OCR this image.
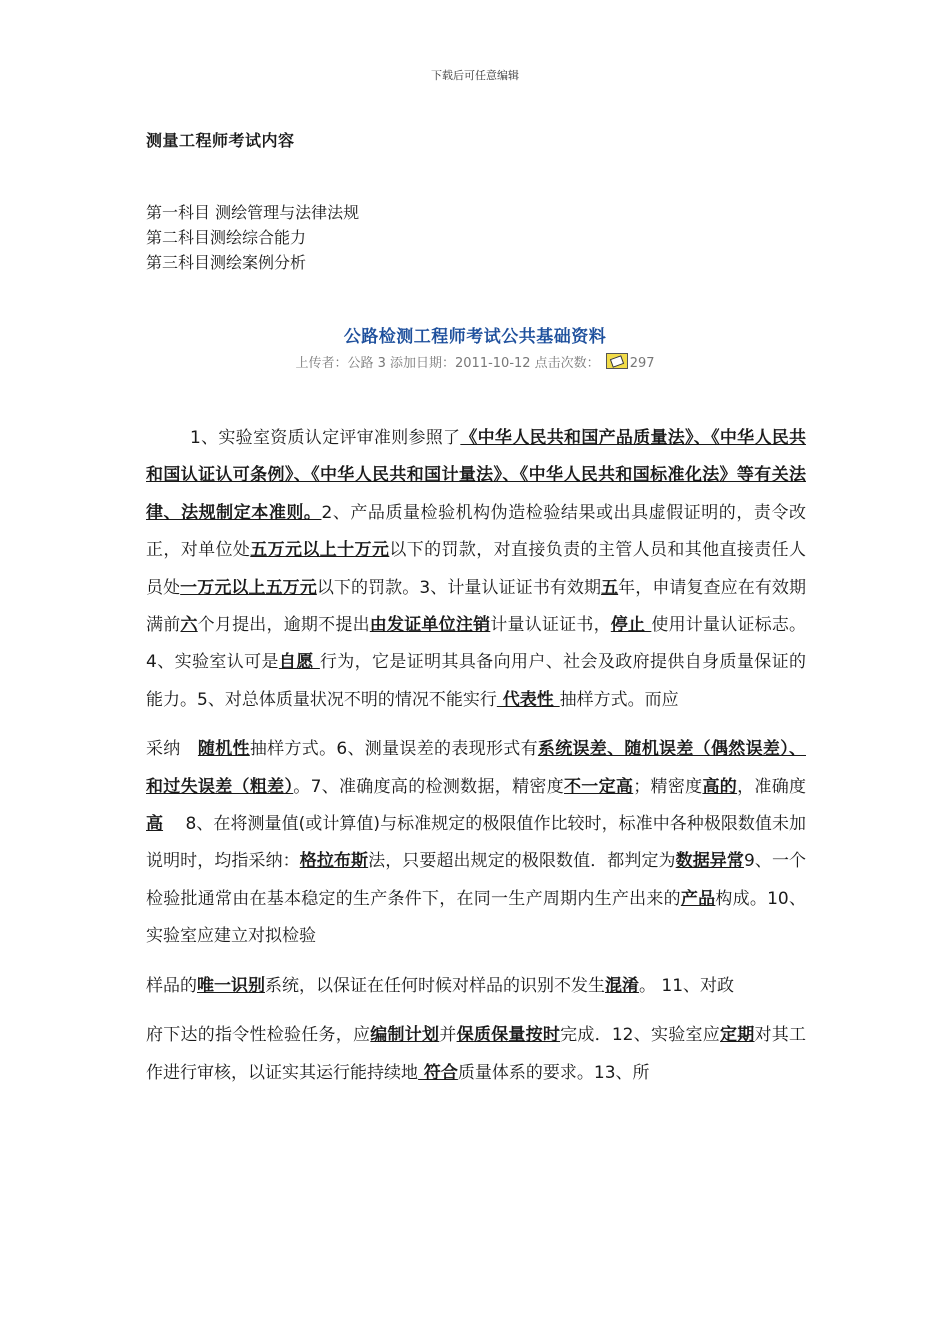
下载后可任意编辑
测量工程师考试内容
第一科目 测绘管理与法律法规
第二科目测绘综合能力
第三科目测绘案例分析
公路检测工程师考试公共基础资料
上传者：公路 3 添加日期：2011-10-12 点击次数： 297

1、实验室资质认定评审准则参照了《中华人民共和国产品质量法》、《中华人民共和国认证认可条例》、《中华人民共和国计量法》、《中华人民共和国标准化法》等有关法律、法规制定本准则。2、产品质量检验机构伪造检验结果或出具虚假证明的，责令改正，对单位处五万元以上十万元以下的罚款，对直接负责的主管人员和其他直接责任人员处一万元以上五万元以下的罚款。3、计量认证证书有效期五年，申请复查应在有效期满前六个月提出，逾期不提出由发证单位注销计量认证证书，停止 使用计量认证标志。4、实验室认可是自愿 行为，它是证明其具备向用户、社会及政府提供自身质量保证的能力。5、对总体质量状况不明的情况不能实行 代表性 抽样方式。而应

采纳　随机性抽样方式。6、测量误差的表现形式有系统误差、随机误差（偶然误差）、和过失误差（粗差）。7、准确度高的检测数据，精密度不一定高；精密度高的，准确度高　 8、在将测量值(或计算值)与标准规定的极限值作比较时，标准中各种极限数值未加说明时，均指采纳：格拉布斯法，只要超出规定的极限数值．都判定为数据异常9、一个检验批通常由在基本稳定的生产条件下，在同一生产周期内生产出来的产品构成。10、实验室应建立对拟检验

样品的唯一识别系统，以保证在任何时候对样品的识别不发生混淆。 11、对政

府下达的指令性检验任务，应编制计划并保质保量按时完成．12、实验室应定期对其工作进行审核，以证实其运行能持续地 符合质量体系的要求。13、所
